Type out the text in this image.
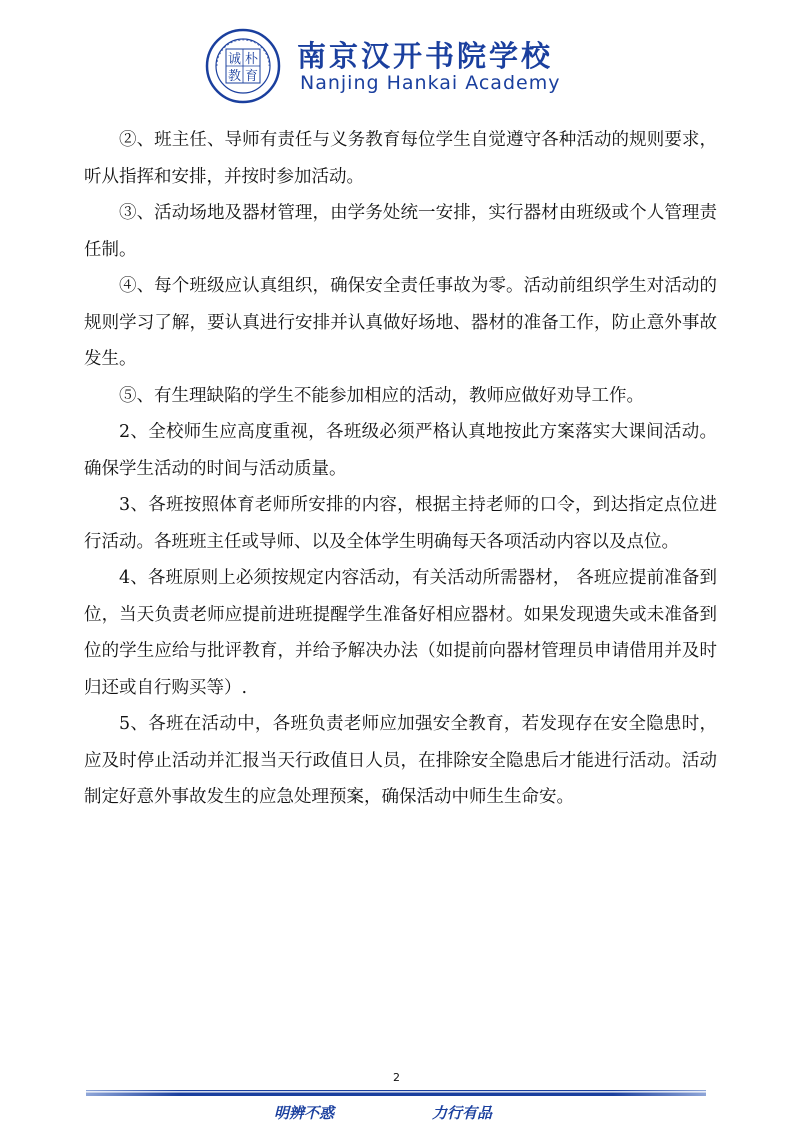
诚 朴
教 育
南京汉开书院学校
Nanjing Hankai Academy

②、班主任、导师有责任与义务教育每位学生自觉遵守各种活动的规则要求，听从指挥和安排，并按时参加活动。

③、活动场地及器材管理，由学务处统一安排，实行器材由班级或个人管理责任制。

④、每个班级应认真组织，确保安全责任事故为零。活动前组织学生对活动的规则学习了解，要认真进行安排并认真做好场地、器材的准备工作，防止意外事故发生。

⑤、有生理缺陷的学生不能参加相应的活动，教师应做好劝导工作。

2、全校师生应高度重视，各班级必须严格认真地按此方案落实大课间活动。确保学生活动的时间与活动质量。

3、各班按照体育老师所安排的内容，根据主持老师的口令，到达指定点位进行活动。各班班主任或导师、以及全体学生明确每天各项活动内容以及点位。

4、各班原则上必须按规定内容活动，有关活动所需器材， 各班应提前准备到位，当天负责老师应提前进班提醒学生准备好相应器材。如果发现遗失或未准备到位的学生应给与批评教育，并给予解决办法（如提前向器材管理员申请借用并及时归还或自行购买等）.

5、各班在活动中，各班负责老师应加强安全教育，若发现存在安全隐患时，应及时停止活动并汇报当天行政值日人员，在排除安全隐患后才能进行活动。活动制定好意外事故发生的应急处理预案，确保活动中师生生命安。

2
明辨不惑	力行有品
